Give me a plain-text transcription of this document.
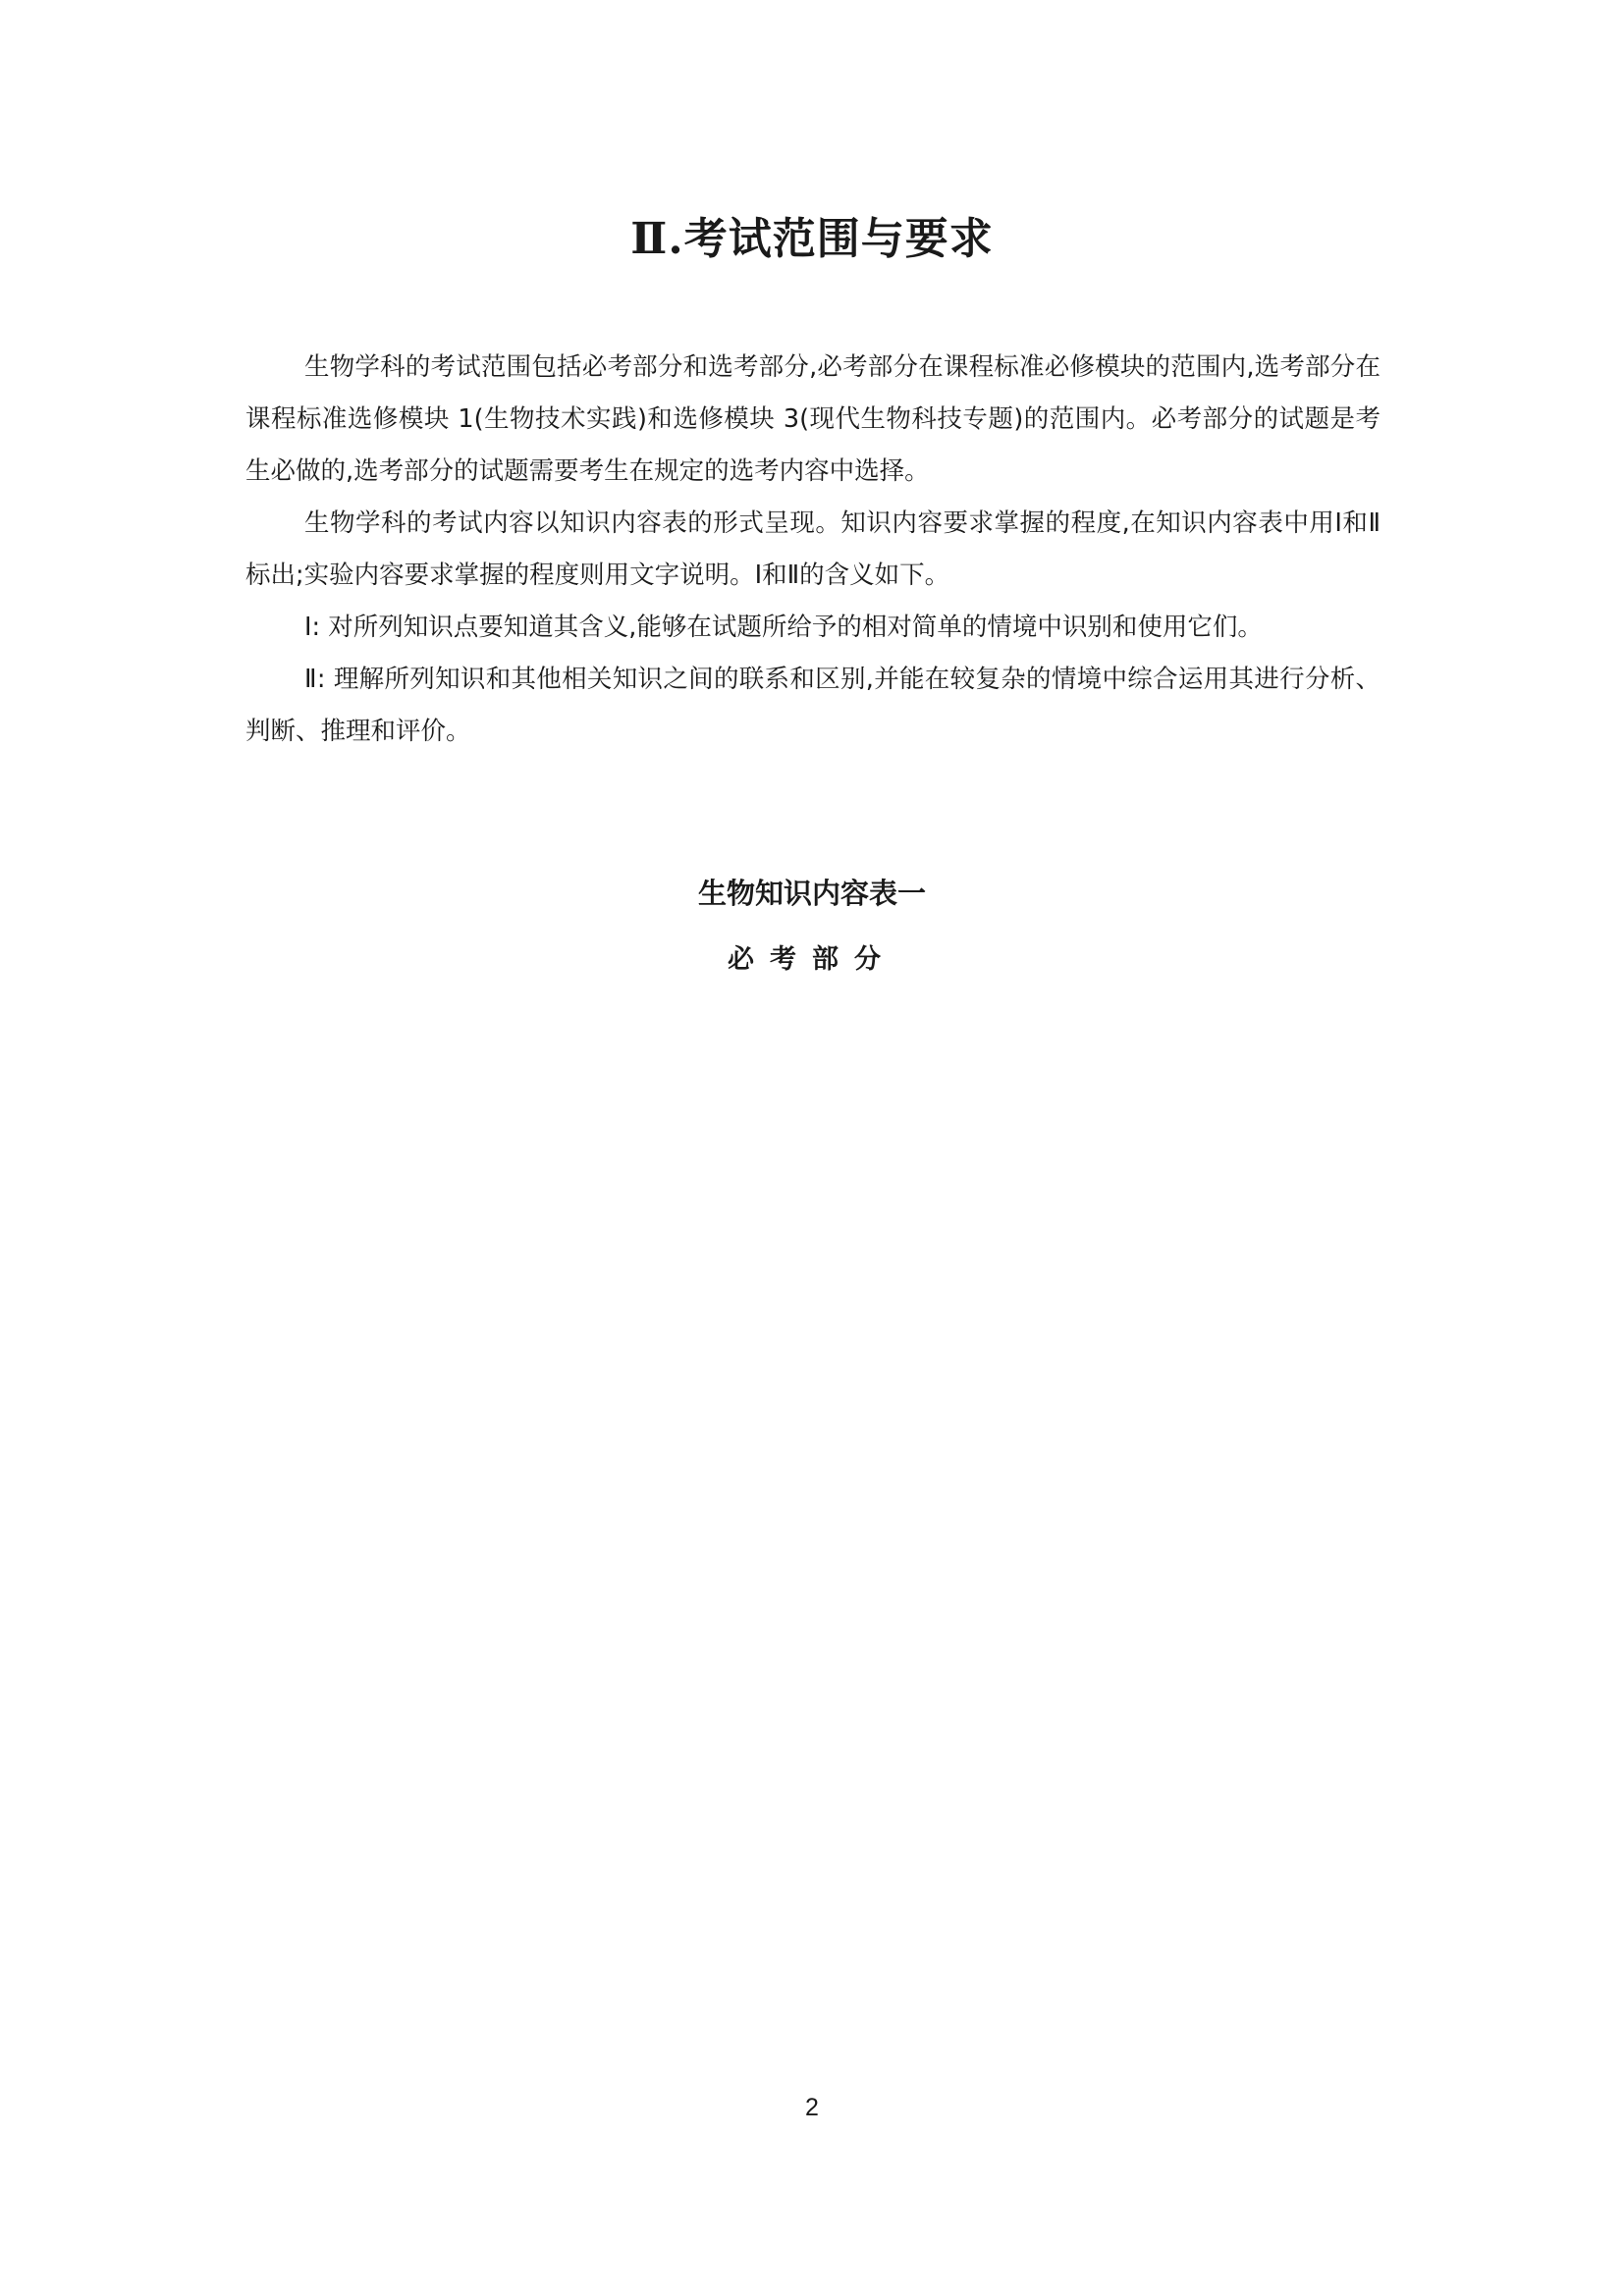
Ⅱ.考试范围与要求

生物学科的考试范围包括必考部分和选考部分,必考部分在课程标准必修模块的范围内,选考部分在课程标准选修模块 1(生物技术实践)和选修模块 3(现代生物科技专题)的范围内。必考部分的试题是考生必做的,选考部分的试题需要考生在规定的选考内容中选择。

生物学科的考试内容以知识内容表的形式呈现。知识内容要求掌握的程度,在知识内容表中用Ⅰ和Ⅱ标出;实验内容要求掌握的程度则用文字说明。Ⅰ和Ⅱ的含义如下。

Ⅰ: 对所列知识点要知道其含义,能够在试题所给予的相对简单的情境中识别和使用它们。

Ⅱ: 理解所列知识和其他相关知识之间的联系和区别,并能在较复杂的情境中综合运用其进行分析、判断、推理和评价。

生物知识内容表一
必考部分
2
